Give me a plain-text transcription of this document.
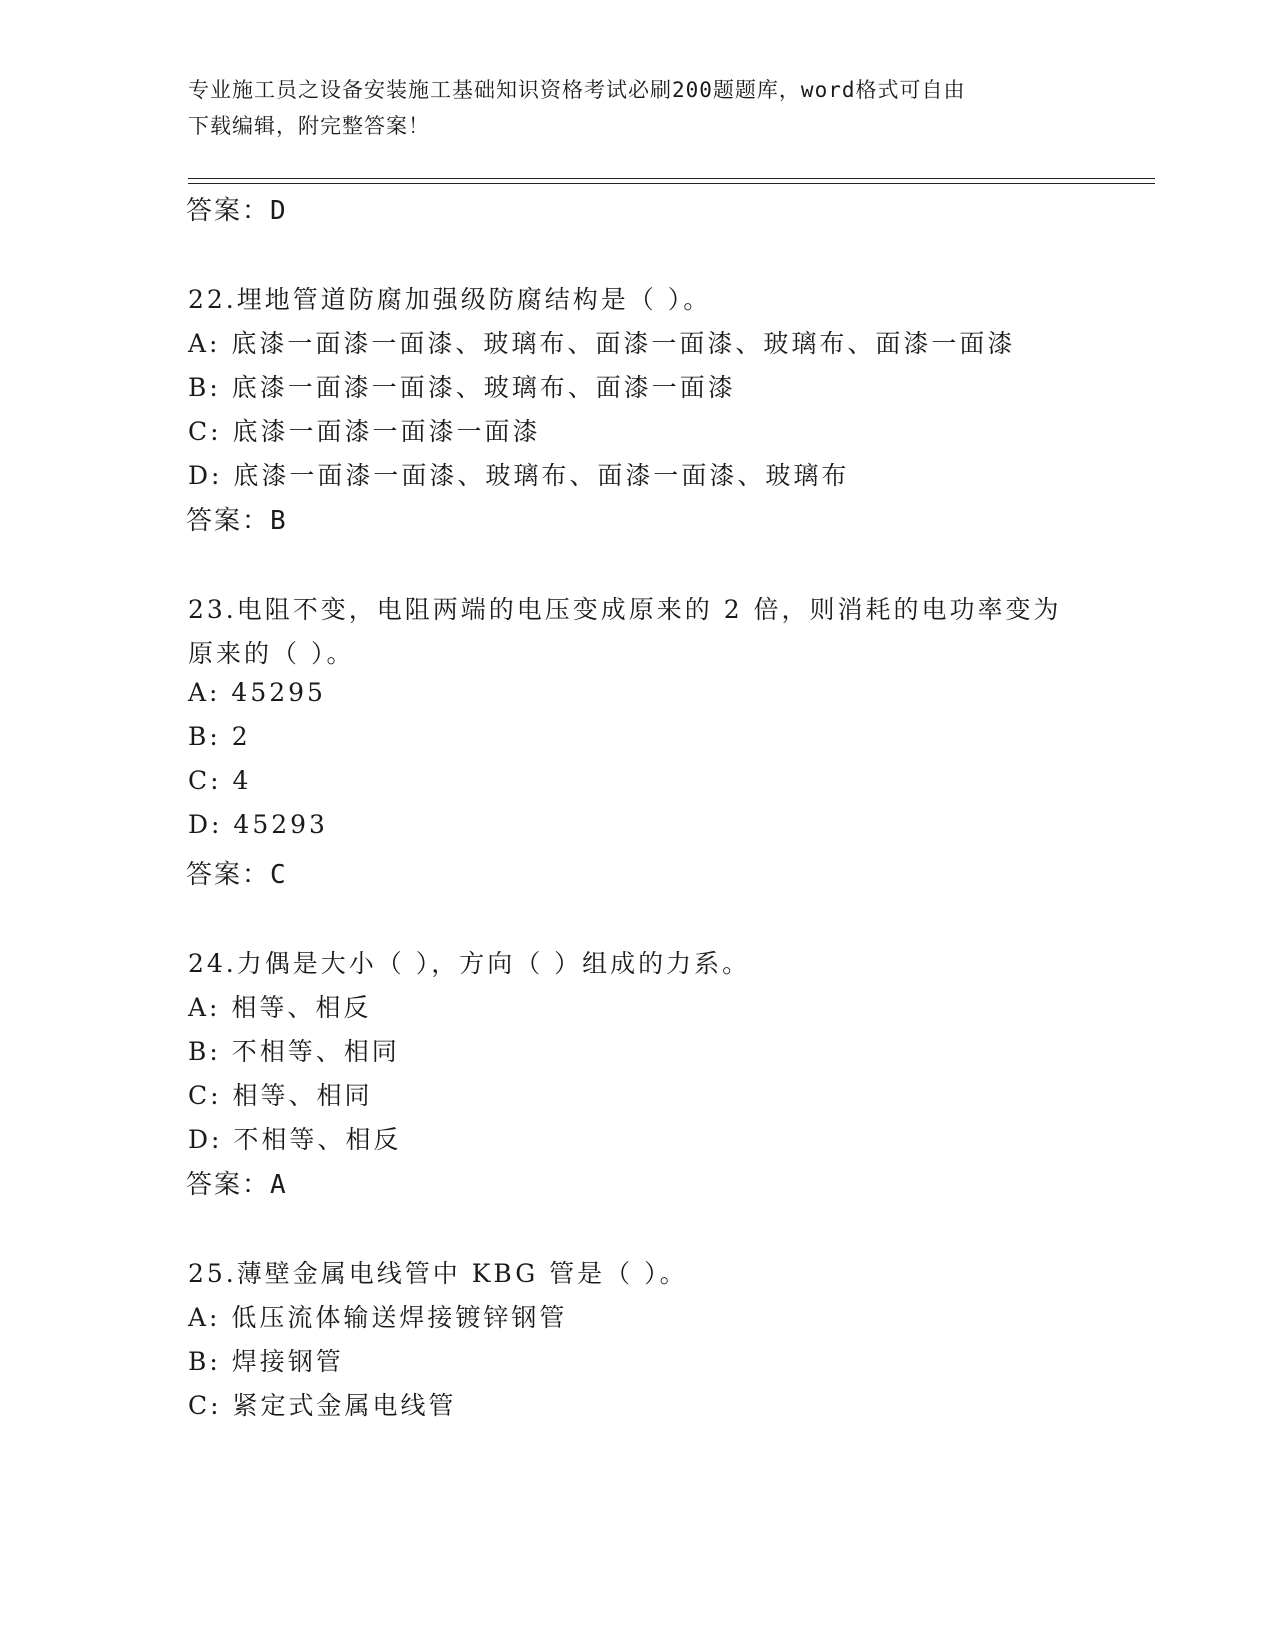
专业施工员之设备安装施工基础知识资格考试必刷200题题库，word格式可自由
下载编辑，附完整答案！
答案：D
22.埋地管道防腐加强级防腐结构是（ ）。
A: 底漆一面漆一面漆、玻璃布、面漆一面漆、玻璃布、面漆一面漆
B: 底漆一面漆一面漆、玻璃布、面漆一面漆
C: 底漆一面漆一面漆一面漆
D: 底漆一面漆一面漆、玻璃布、面漆一面漆、玻璃布
答案：B
23.电阻不变，电阻两端的电压变成原来的 2 倍，则消耗的电功率变为
原来的（ ）。
A: 45295
B: 2
C: 4
D: 45293
答案：C
24.力偶是大小（ ），方向（ ）组成的力系。
A: 相等、相反
B: 不相等、相同
C: 相等、相同
D: 不相等、相反
答案：A
25.薄壁金属电线管中 KBG 管是（ ）。
A: 低压流体输送焊接镀锌钢管
B: 焊接钢管
C: 紧定式金属电线管
